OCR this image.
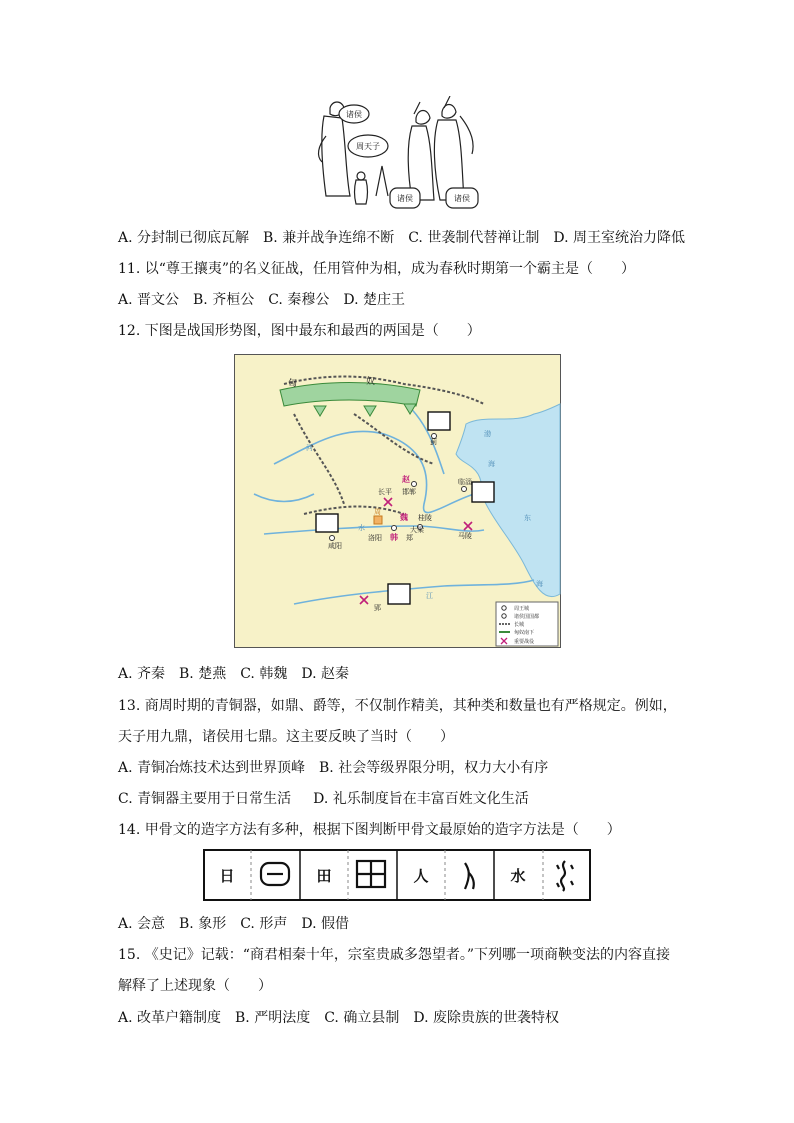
诸侯
周天子
诸侯	诸侯
A. 分封制已彻底瓦解 B. 兼并战争连绵不断 C. 世袭制代替禅让制 D. 周王室统治力降低
11. 以“尊王攘夷”的名义征战，任用管仲为相，成为春秋时期第一个霸主是（　　）
A. 晋文公 B. 齐桓公 C. 秦穆公 D. 楚庄王
12. 下图是战国形势图，图中最东和最西的两国是（　　）
匈	奴
蓟
赵
邯郸
长平
临淄
桂陵
魏
大梁
周
洛阳 韩 郑
咸阳
马陵
郢
渤
海
东
海
河
水
江
周王城
诸侯国国都
长城
匈奴南下
重要战役
A. 齐秦 B. 楚燕 C. 韩魏 D. 赵秦
13. 商周时期的青铜器，如鼎、爵等，不仅制作精美，其种类和数量也有严格规定。例如，
天子用九鼎，诸侯用七鼎。这主要反映了当时（　　）
A. 青铜冶炼技术达到世界顶峰 B. 社会等级界限分明，权力大小有序
C. 青铜器主要用于日常生活 D. 礼乐制度旨在丰富百姓文化生活
14. 甲骨文的造字方法有多种，根据下图判断甲骨文最原始的造字方法是（　　）
日	田	人	水
A. 会意 B. 象形 C. 形声 D. 假借
15. 《史记》记载：“商君相秦十年，宗室贵戚多怨望者。”下列哪一项商鞅变法的内容直接
解释了上述现象（　　）
A. 改革户籍制度 B. 严明法度 C. 确立县制 D. 废除贵族的世袭特权
